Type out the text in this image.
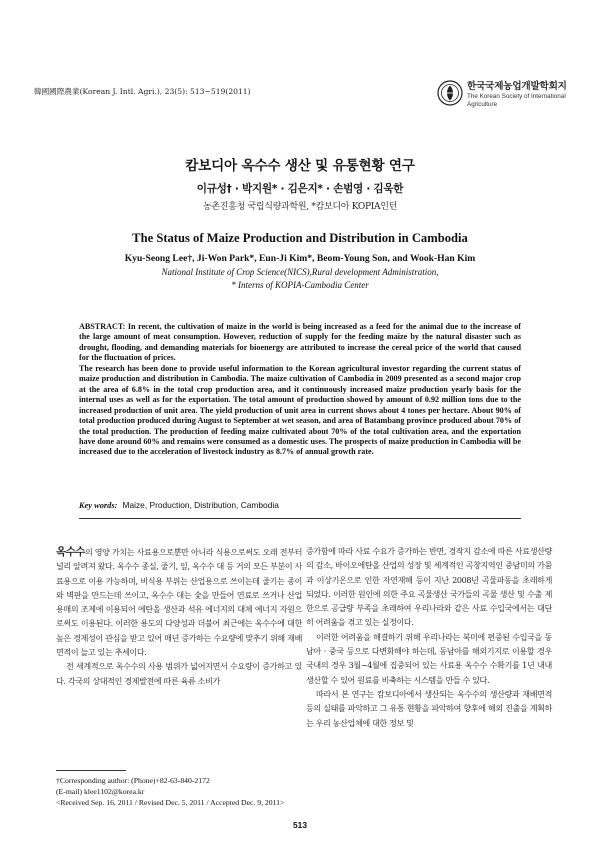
韓國國際農業(Korean J. Intl. Agri.), 23(5): 513~519(2011)	한국국제농업개발학회지
The Korean Society of International
Agriculture
캄보디아 옥수수 생산 및 유통현황 연구
이규성† · 박지원* · 김은지* · 손범영 · 김욱한
농촌진흥청 국립식량과학원, *캄보디아 KOPIA인턴
The Status of Maize Production and Distribution in Cambodia
Kyu-Seong Lee†, Ji-Won Park*, Eun-Ji Kim*, Beom-Young Son, and Wook-Han Kim
National Institute of Crop Science(NICS),Rural development Administration,
* Interns of KOPIA-Cambodia Center

ABSTRACT: In recent, the cultivation of maize in the world is being increased as a feed for the animal due to the increase of the large amount of meat consumption. However, reduction of supply for the feeding maize by the natural disaster such as drought, flooding, and demanding materials for bioenergy are attributed to increase the cereal price of the world that caused for the fluctuation of prices.

The research has been done to provide useful information to the Korean agricultural investor regarding the current status of maize production and distribution in Cambodia. The maize cultivation of Cambodia in 2009 presented as a second major crop at the area of 6.8% in the total crop production area, and it continuously increased maize production yearly basis for the internal uses as well as for the exportation. The total amount of production showed by amount of 0.92 million tons due to the increased production of unit area. The yield production of unit area in current shows about 4 tones per hectare. About 90% of total production produced during August to September at wet season, and area of Batambang province produced about 70% of the total production. The production of feeding maize cultivated about 70% of the total cultivation area, and the exportation have done around 60% and remains were consumed as a domestic uses. The prospects of maize production in Cambodia will be increased due to the acceleration of livestock industry as 8.7% of annual growth rate.

Key words: Maize, Production, Distribution, Cambodia

옥수수의 영양 가치는 사료용으로뿐만 아니라 식용으로써도 오래 전부터 널리 알려져 왔다. 옥수수 종실, 줄기, 잎, 옥수수 대 등 거의 모든 부분이 사료용으로 이용 가능하며, 비식용 부위는 산업용으로 쓰이는데 줄기는 종이와 벽판을 만드는데 쓰이고, 옥수수 대는 숯을 만들어 연료로 쓰거나 산업 용매의 조제에 이용되어 에탄올 생산과 석유 에너지의 대체 에너지 자원으로써도 이용된다. 이러한 용도의 다양성과 더불어 최근에는 옥수수에 대한 높은 경제성이 관심을 받고 있어 매년 증가하는 수요량에 맞추기 위해 재배면적이 늘고 있는 추세이다.

전 세계적으로 옥수수의 사용 범위가 넓어지면서 수요량이 증가하고 있다. 각국의 상대적인 경제발전에 따른 육류 소비가

증가함에 따라 사료 수요가 증가하는 반면, 경작지 감소에 따른 사료생산량의 감소, 바이오에탄올 산업의 성장 및 세계적인 곡창지역인 중남미의 가뭄과 이상기온으로 인한 자연재해 등이 지난 2008년 곡물파동을 초래하게 되었다. 이러한 원인에 의한 주요 곡물생산 국가들의 곡물 생산 및 수출 제한으로 공급량 부족을 초래하여 우리나라와 같은 사료 수입국에서는 대단히 어려움을 겪고 있는 실정이다.

이러한 어려움을 해결하기 위해 우리나라는 북미에 편중된 수입국을 동남아 · 중국 등으로 다변화해야 하는데, 동남아를 해외기지로 이용할 경우 국내의 경우 3월~4월에 집중되어 있는 사료용 옥수수 수확기를 1년 내내 생산할 수 있어 원료를 비축하는 시스템을 만들 수 있다.

따라서 본 연구는 캄보디아에서 생산되는 옥수수의 생산량과 재배면적 등의 실태를 파악하고 그 유통 현황을 파악하여 향후에 해외 진출을 계획하는 우리 농산업체에 대한 정보 및

†Corresponding author: (Phone)+82-63-840-2172
(E-mail) klee1102@korea.kr
<Received Sep. 16, 2011 / Revised Dec. 5, 2011 / Accepted Dec. 9, 2011>
513
